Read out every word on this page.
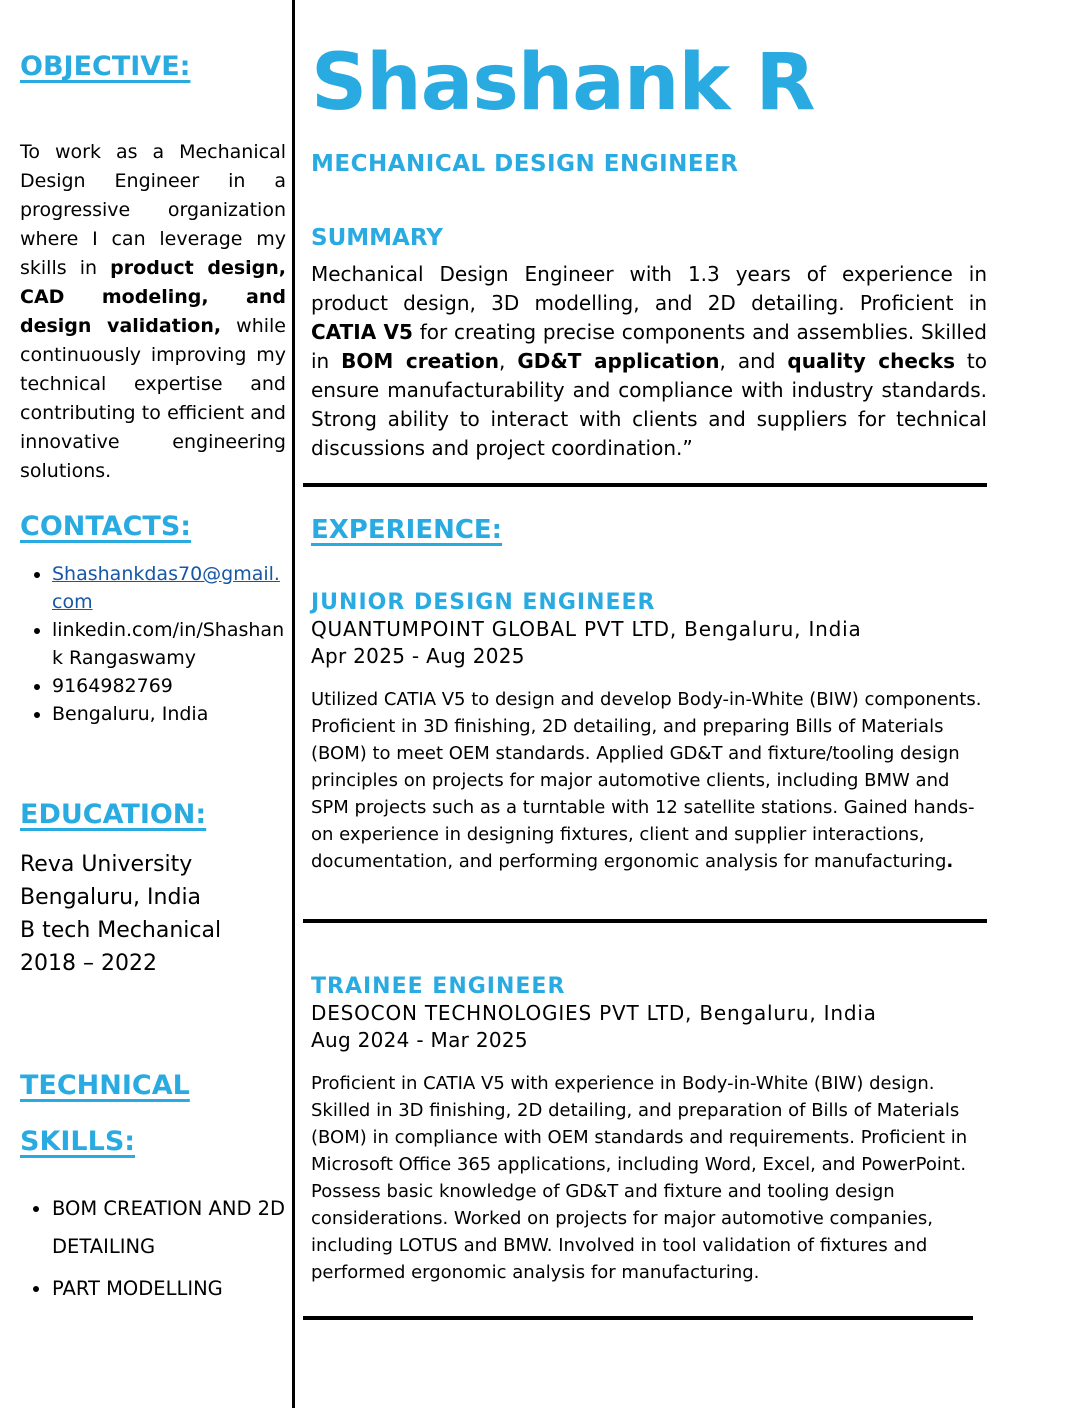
OBJECTIVE:

To work as a Mechanical Design Engineer in a progressive organization where I can leverage my skills in product design, CAD modeling, and design validation, while continuously improving my technical expertise and contributing to efficient and innovative engineering solutions.

CONTACTS:
• Shashankdas70@gmail.com
• linkedin.com/in/Shashank Rangaswamy
• 9164982769
• Bengaluru, India
EDUCATION:
Reva University
Bengaluru, India
B tech Mechanical
2018 – 2022
TECHNICAL SKILLS:
• BOM CREATION AND 2D DETAILING
• PART MODELLING
Shashank R
MECHANICAL DESIGN ENGINEER
SUMMARY

Mechanical Design Engineer with 1.3 years of experience in product design, 3D modelling, and 2D detailing. Proficient in CATIA V5 for creating precise components and assemblies. Skilled in BOM creation, GD&T application, and quality checks to ensure manufacturability and compliance with industry standards. Strong ability to interact with clients and suppliers for technical discussions and project coordination.”

EXPERIENCE:
JUNIOR DESIGN ENGINEER
QUANTUMPOINT GLOBAL PVT LTD, Bengaluru, India
Apr 2025 - Aug 2025

Utilized CATIA V5 to design and develop Body-in-White (BIW) components. Proficient in 3D finishing, 2D detailing, and preparing Bills of Materials (BOM) to meet OEM standards. Applied GD&T and fixture/tooling design principles on projects for major automotive clients, including BMW and SPM projects such as a turntable with 12 satellite stations. Gained hands-on experience in designing fixtures, client and supplier interactions, documentation, and performing ergonomic analysis for manufacturing.

TRAINEE ENGINEER
DESOCON TECHNOLOGIES PVT LTD, Bengaluru, India
Aug 2024 - Mar 2025

Proficient in CATIA V5 with experience in Body-in-White (BIW) design. Skilled in 3D finishing, 2D detailing, and preparation of Bills of Materials (BOM) in compliance with OEM standards and requirements. Proficient in Microsoft Office 365 applications, including Word, Excel, and PowerPoint. Possess basic knowledge of GD&T and fixture and tooling design considerations. Worked on projects for major automotive companies, including LOTUS and BMW. Involved in tool validation of fixtures and performed ergonomic analysis for manufacturing.
